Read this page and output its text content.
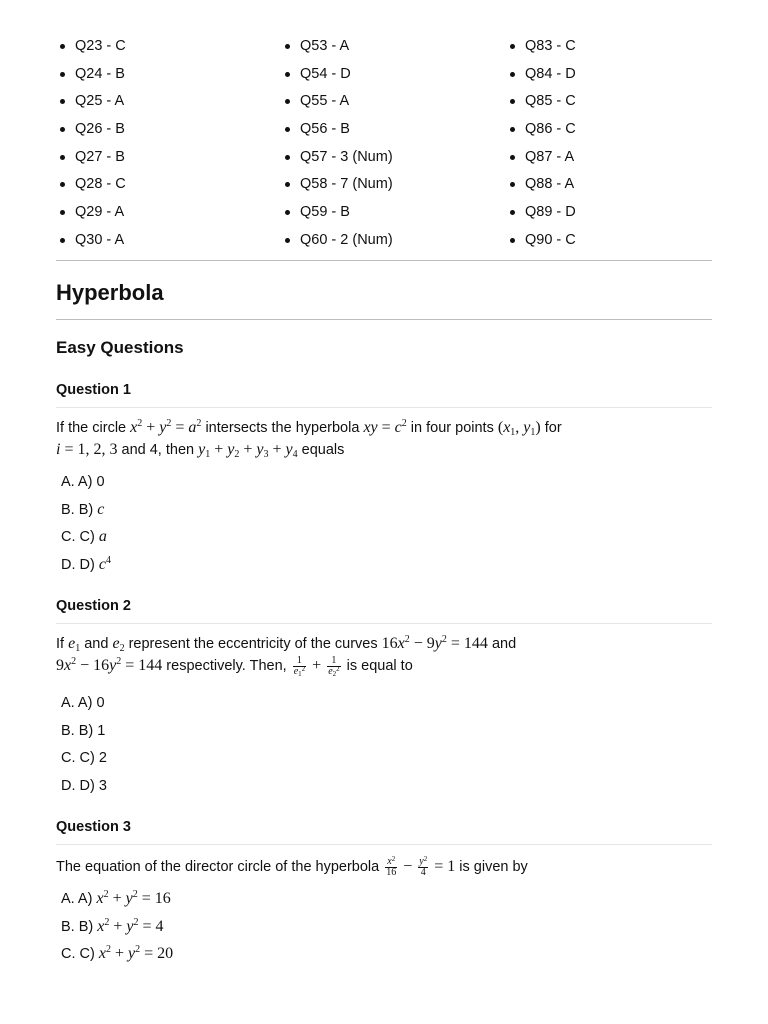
Q23 - C
Q24 - B
Q25 - A
Q26 - B
Q27 - B
Q28 - C
Q29 - A
Q30 - A
Q53 - A
Q54 - D
Q55 - A
Q56 - B
Q57 - 3 (Num)
Q58 - 7 (Num)
Q59 - B
Q60 - 2 (Num)
Q83 - C
Q84 - D
Q85 - C
Q86 - C
Q87 - A
Q88 - A
Q89 - D
Q90 - C
Hyperbola
Easy Questions
Question 1
If the circle $x^2 + y^2 = a^2$ intersects the hyperbola xy = $c^2$ in four points ($x_1$, $y_1$) for
i = 1, 2, 3 and 4, then $y_1 + y_2 + y_3 + y_4$ equals
A. A) 0
B. B) c
C. C) a
D. D) $c^4$
Question 2
If $e_1$ and $e_2$ represent the eccentricity of the curves $16x^2 - 9y^2 = 144$ and
$9x^2 - 16y^2 = 144$ respectively. Then, $\frac{1}{e_1^2} + \frac{1}{e_2^2}$ is equal to
A. A) 0
B. B) 1
C. C) 2
D. D) 3
Question 3
The equation of the director circle of the hyperbola $\frac{x^2}{16} - \frac{y^2}{4} = 1$ is given by
A. A) $x^2 + y^2 = 16$
B. B) $x^2 + y^2 = 4$
C. C) $x^2 + y^2 = 20$
